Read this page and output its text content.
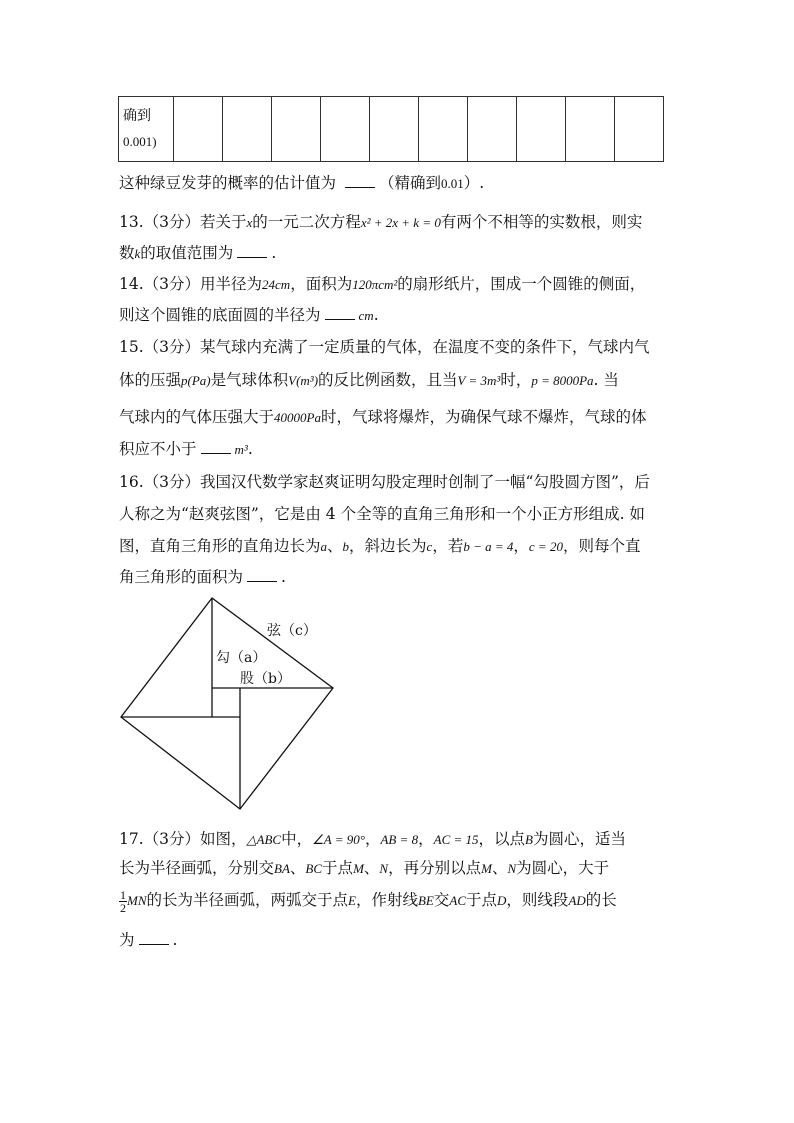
确到
0.001)										
这种绿豆发芽的概率的估计值为	（精确到0.01）.
13.（3分）若关于x的一元二次方程x² + 2x + k = 0有两个不相等的实数根，则实
数k的取值范围为 .
14.（3分）用半径为24cm，面积为120πcm²的扇形纸片，围成一个圆锥的侧面，
则这个圆锥的底面圆的半径为	cm.
15.（3分）某气球内充满了一定质量的气体，在温度不变的条件下，气球内气
体的压强p(Pa)是气球体积V(m³)的反比例函数，且当V = 3m³时，p = 8000Pa. 当
气球内的气体压强大于40000Pa时，气球将爆炸，为确保气球不爆炸，气球的体
积应不小于	m³.
16.（3分）我国汉代数学家赵爽证明勾股定理时创制了一幅“勾股圆方图”，后
人称之为“赵爽弦图”，它是由 4 个全等的直角三角形和一个小正方形组成. 如
图，直角三角形的直角边长为a、b，斜边长为c，若b − a = 4，c = 20，则每个直
角三角形的面积为 .
弦（c）
勾（a）
股（b）
17.（3分）如图，△ABC中，∠A = 90°，AB = 8，AC = 15，以点B为圆心，适当
长为半径画弧，分别交BA、BC于点M、N，再分别以点M、N为圆心，大于
$\frac{1}{2}$ MN的长为半径画弧，两弧交于点E，作射线BE交AC于点D，则线段AD的长
为 .
